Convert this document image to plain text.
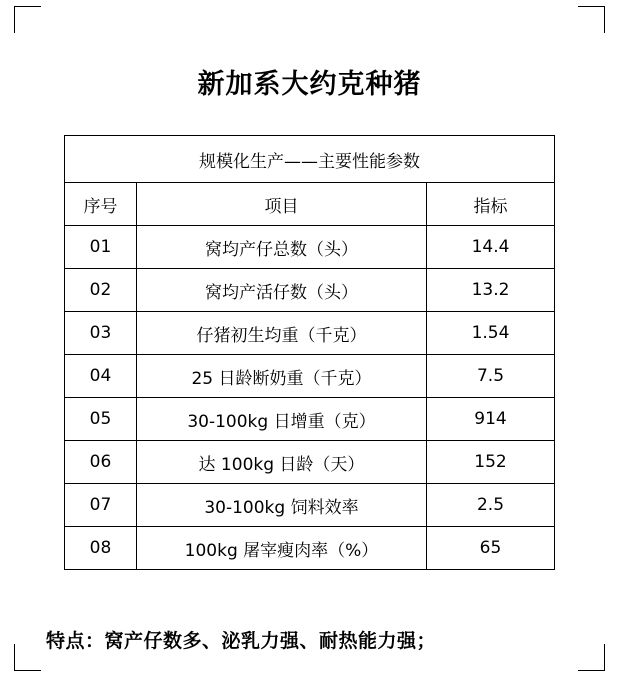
新加系大约克种猪
规模化生产——主要性能参数		
序号	项目	指标
01	窝均产仔总数（头）	14.4
02	窝均产活仔数（头）	13.2
03	仔猪初生均重（千克）	1.54
04	25 日龄断奶重（千克）	7.5
05	30-100kg 日增重（克）	914
06	达 100kg 日龄（天）	152
07	30-100kg 饲料效率	2.5
08	100kg 屠宰瘦肉率（%）	65
特点：窝产仔数多、泌乳力强、耐热能力强；
